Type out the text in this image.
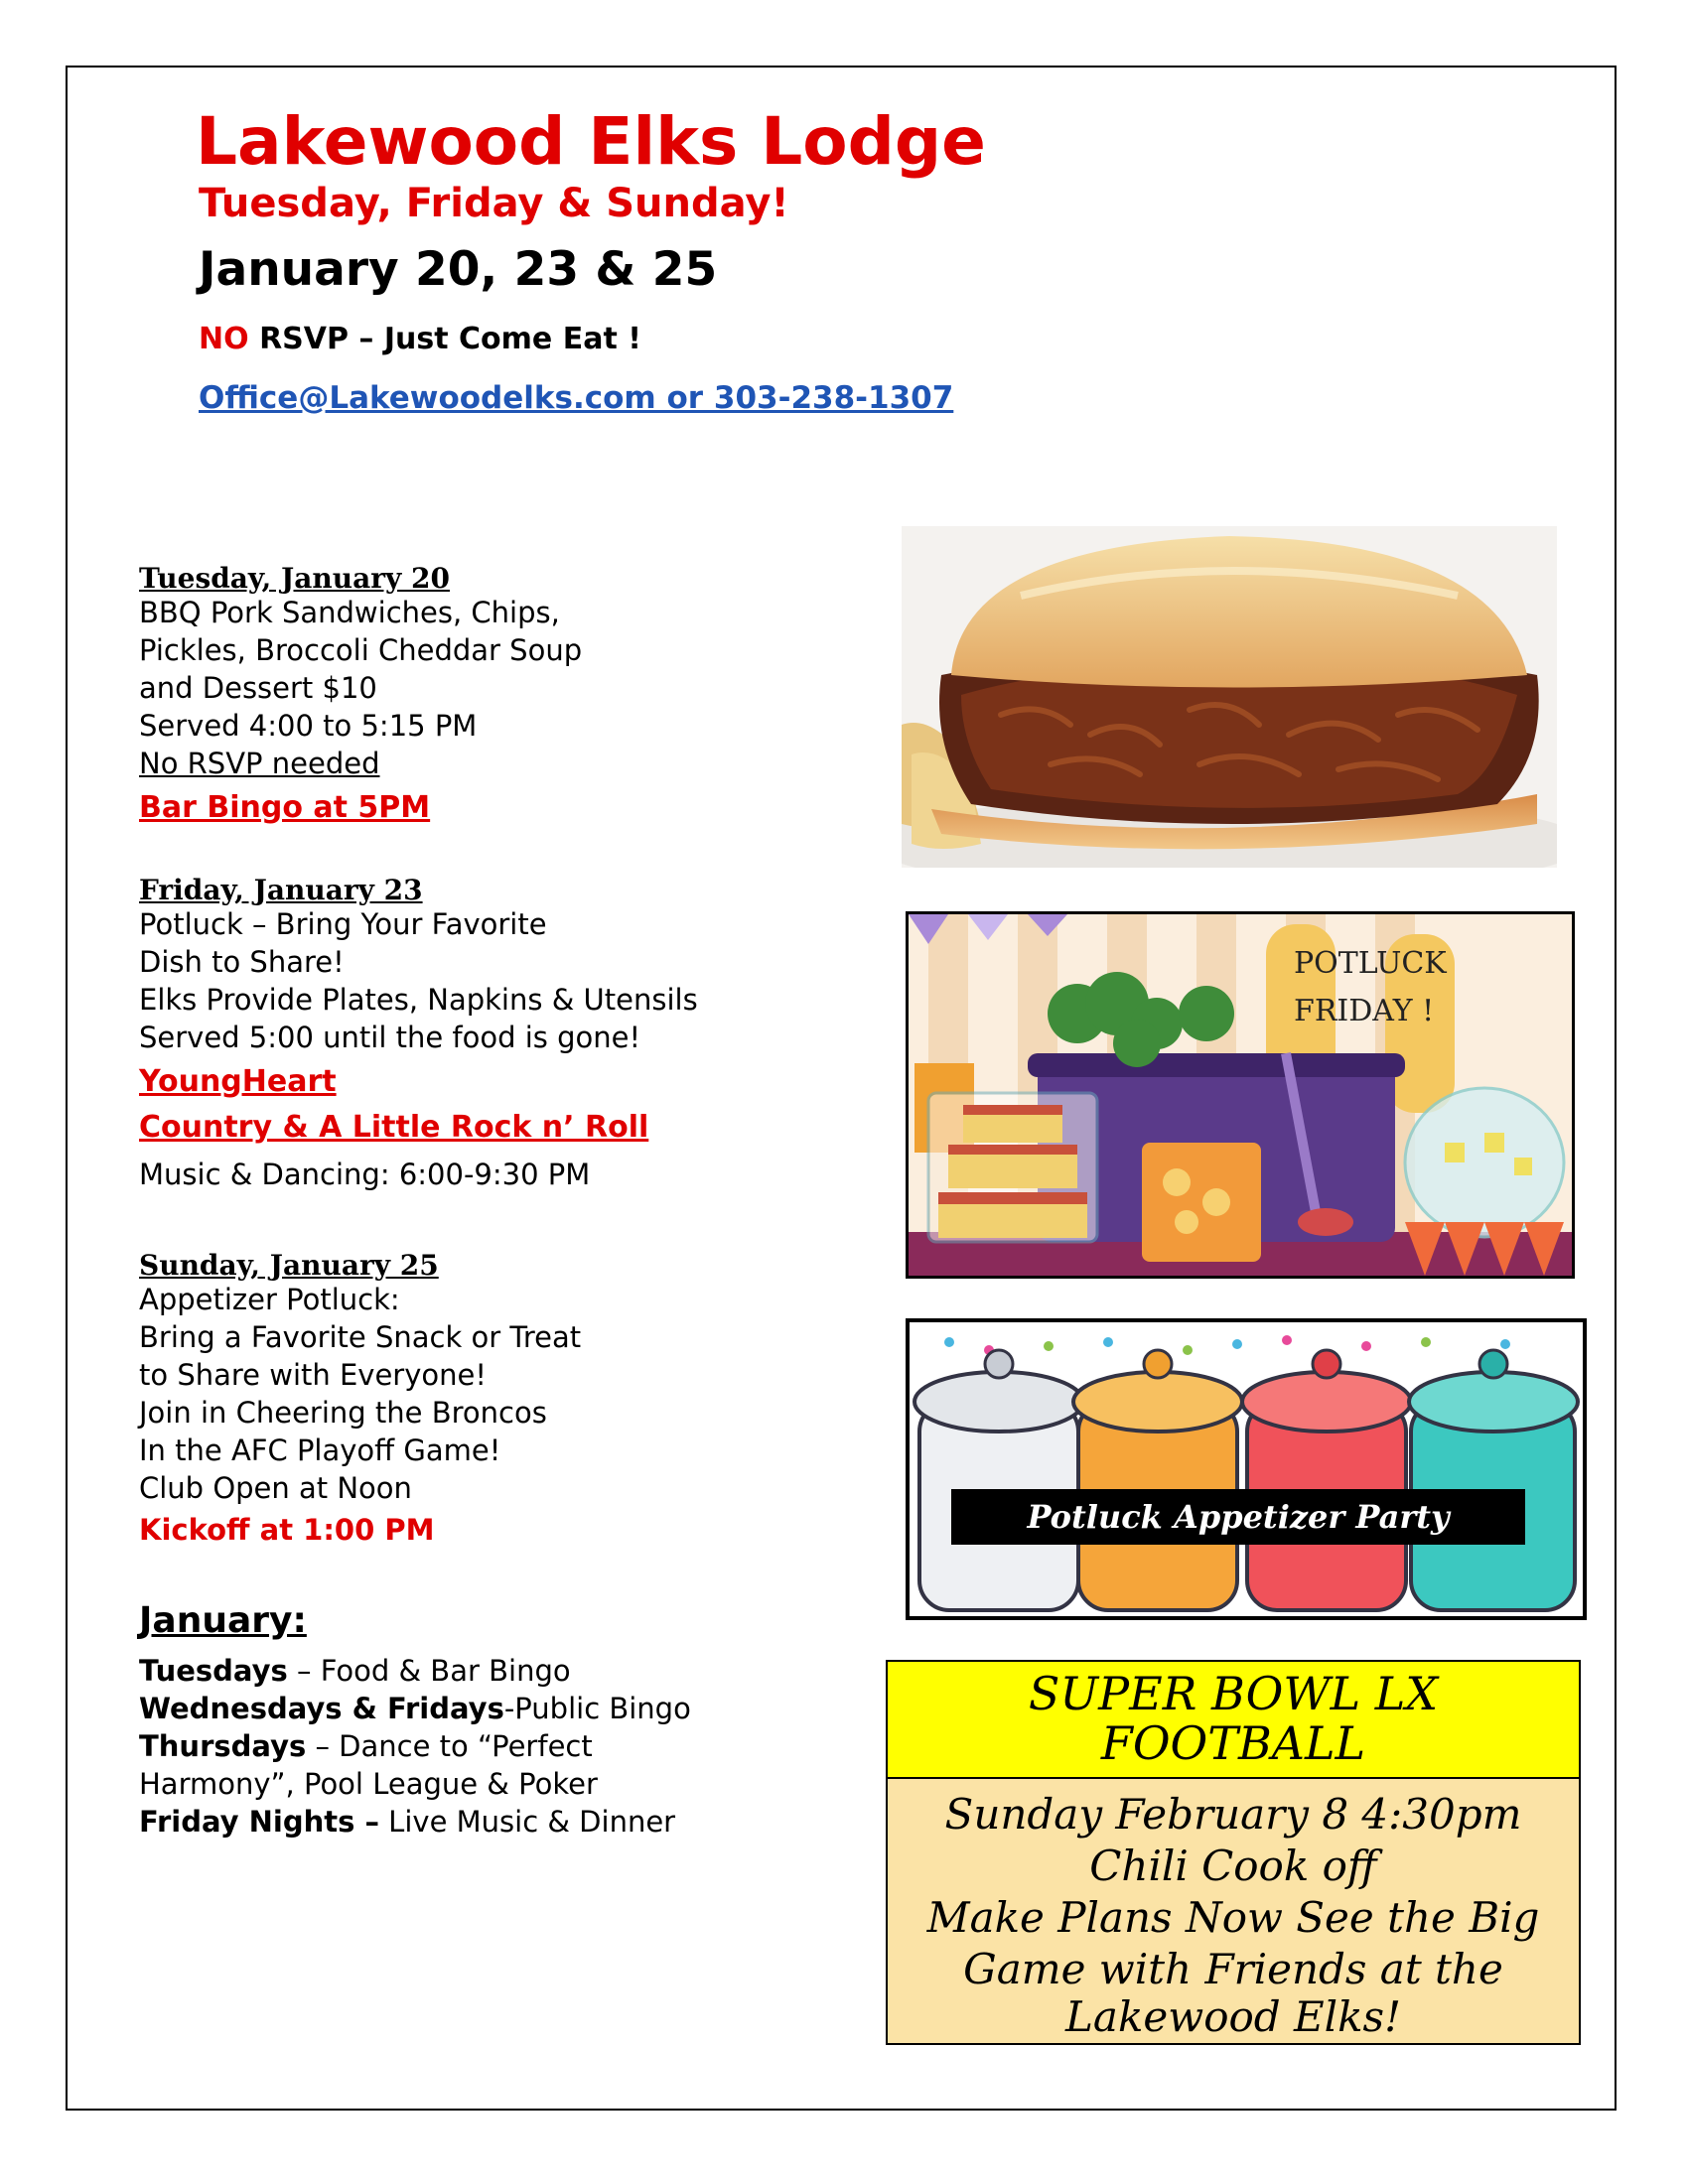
Lakewood Elks Lodge
Tuesday, Friday & Sunday!
January 20, 23 & 25
NO RSVP – Just Come Eat !
Office@Lakewoodelks.com or 303-238-1307
Tuesday, January 20
BBQ Pork Sandwiches, Chips,
Pickles, Broccoli Cheddar Soup
and Dessert $10
Served 4:00 to 5:15 PM
No RSVP needed
Bar Bingo at 5PM
Friday, January 23
Potluck – Bring Your Favorite
Dish to Share!
Elks Provide Plates, Napkins & Utensils
Served 5:00 until the food is gone!
YoungHeart
Country & A Little Rock n’ Roll
Music & Dancing: 6:00-9:30 PM
Sunday, January 25
Appetizer Potluck:
Bring a Favorite Snack or Treat
to Share with Everyone!
Join in Cheering the Broncos
In the AFC Playoff Game!
Club Open at Noon
Kickoff at 1:00 PM
January:
Tuesdays – Food & Bar Bingo
Wednesdays & Fridays-Public Bingo
Thursdays – Dance to “Perfect
Harmony”, Pool League & Poker
Friday Nights – Live Music & Dinner
POTLUCK
FRIDAY !
Potluck Appetizer Party
SUPER BOWL LX
FOOTBALL
Sunday February 8 4:30pm
Chili Cook off
Make Plans Now See the Big
Game with Friends at the
Lakewood Elks!
